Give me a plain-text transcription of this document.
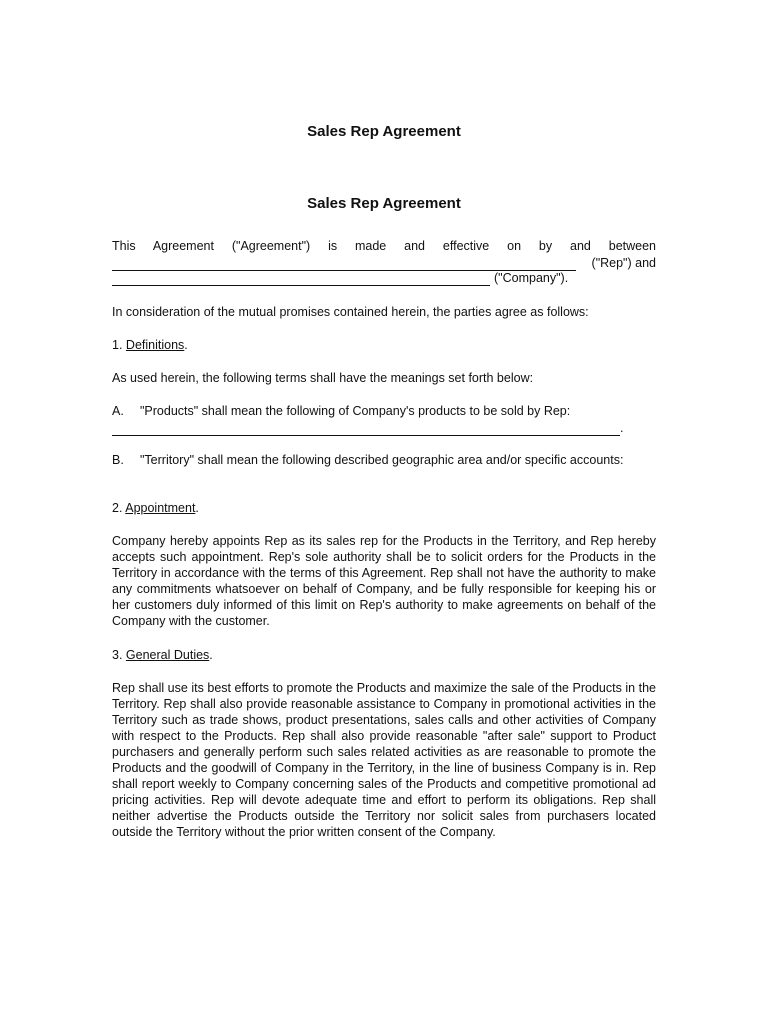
Sales Rep Agreement
Sales Rep Agreement
This Agreement ("Agreement") is made and effective on by and between
("Rep") and
("Company").
In consideration of the mutual promises contained herein, the parties agree as follows:
1. Definitions.
As used herein, the following terms shall have the meanings set forth below:
A. "Products" shall mean the following of Company's products to be sold by Rep:
.
B. "Territory" shall mean the following described geographic area and/or specific accounts:
2. Appointment.
Company hereby appoints Rep as its sales rep for the Products in the Territory, and Rep hereby accepts such appointment. Rep's sole authority shall be to solicit orders for the Products in the Territory in accordance with the terms of this Agreement. Rep shall not have the authority to make any commitments whatsoever on behalf of Company, and be fully responsible for keeping his or her customers duly informed of this limit on Rep's authority to make agreements on behalf of the Company with the customer.
3. General Duties.
Rep shall use its best efforts to promote the Products and maximize the sale of the Products in the Territory. Rep shall also provide reasonable assistance to Company in promotional activities in the Territory such as trade shows, product presentations, sales calls and other activities of Company with respect to the Products. Rep shall also provide reasonable "after sale" support to Product purchasers and generally perform such sales related activities as are reasonable to promote the Products and the goodwill of Company in the Territory, in the line of business Company is in. Rep shall report weekly to Company concerning sales of the Products and competitive promotional ad pricing activities. Rep will devote adequate time and effort to perform its obligations. Rep shall neither advertise the Products outside the Territory nor solicit sales from purchasers located outside the Territory without the prior written consent of the Company.
